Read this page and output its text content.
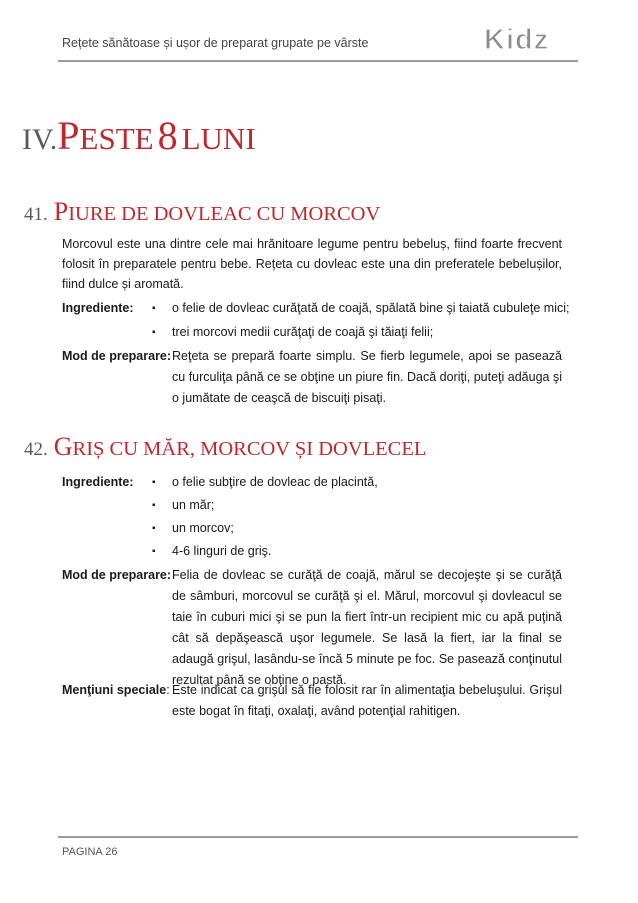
Rețete sănătoase și ușor de preparat grupate pe vârste	Kidz
IV.PESTE 8 LUNI
41. PIURE DE DOVLEAC CU MORCOV
Morcovul este una dintre cele mai hrănitoare legume pentru bebeluș, fiind foarte frecvent folosit în preparatele pentru bebe. Rețeta cu dovleac este una din preferatele bebelușilor, fiind dulce și aromată.
Ingrediente: ▪ o felie de dovleac curăţată de coajă, spălată bine şi taiată cubuleţe mici;
▪ trei morcovi medii curăţaţi de coajă şi tăiaţi felii;
Mod de preparare: Reţeta se prepară foarte simplu. Se fierb legumele, apoi se pasează cu furculiţa până ce se obţine un piure fin. Dacă doriţi, puteţi adăuga şi o jumătate de ceaşcă de biscuiţi pisaţi.
42. GRIȘ CU MĂR, MORCOV ȘI DOVLECEL
Ingrediente: ▪ o felie subţire de dovleac de placintă,
▪ un măr;
▪ un morcov;
▪ 4-6 linguri de griş.
Mod de preparare: Felia de dovleac se curăţă de coajă, mărul se decojeşte şi se curăţă de sâmburi, morcovul se curăţă şi el. Mărul, morcovul şi dovleacul se taie în cuburi mici şi se pun la fiert într-un recipient mic cu apă puţină cât să depăşească uşor legumele. Se lasă la fiert, iar la final se adaugă grişul, lasându-se încă 5 minute pe foc. Se pasează conţinutul rezultat până se obţine o pastă.
Menţiuni speciale: Este indicat ca grişul să fie folosit rar în alimentaţia bebeluşului. Grişul este bogat în fitaţi, oxalaţi, având potenţial rahitigen.
PAGINA 26
